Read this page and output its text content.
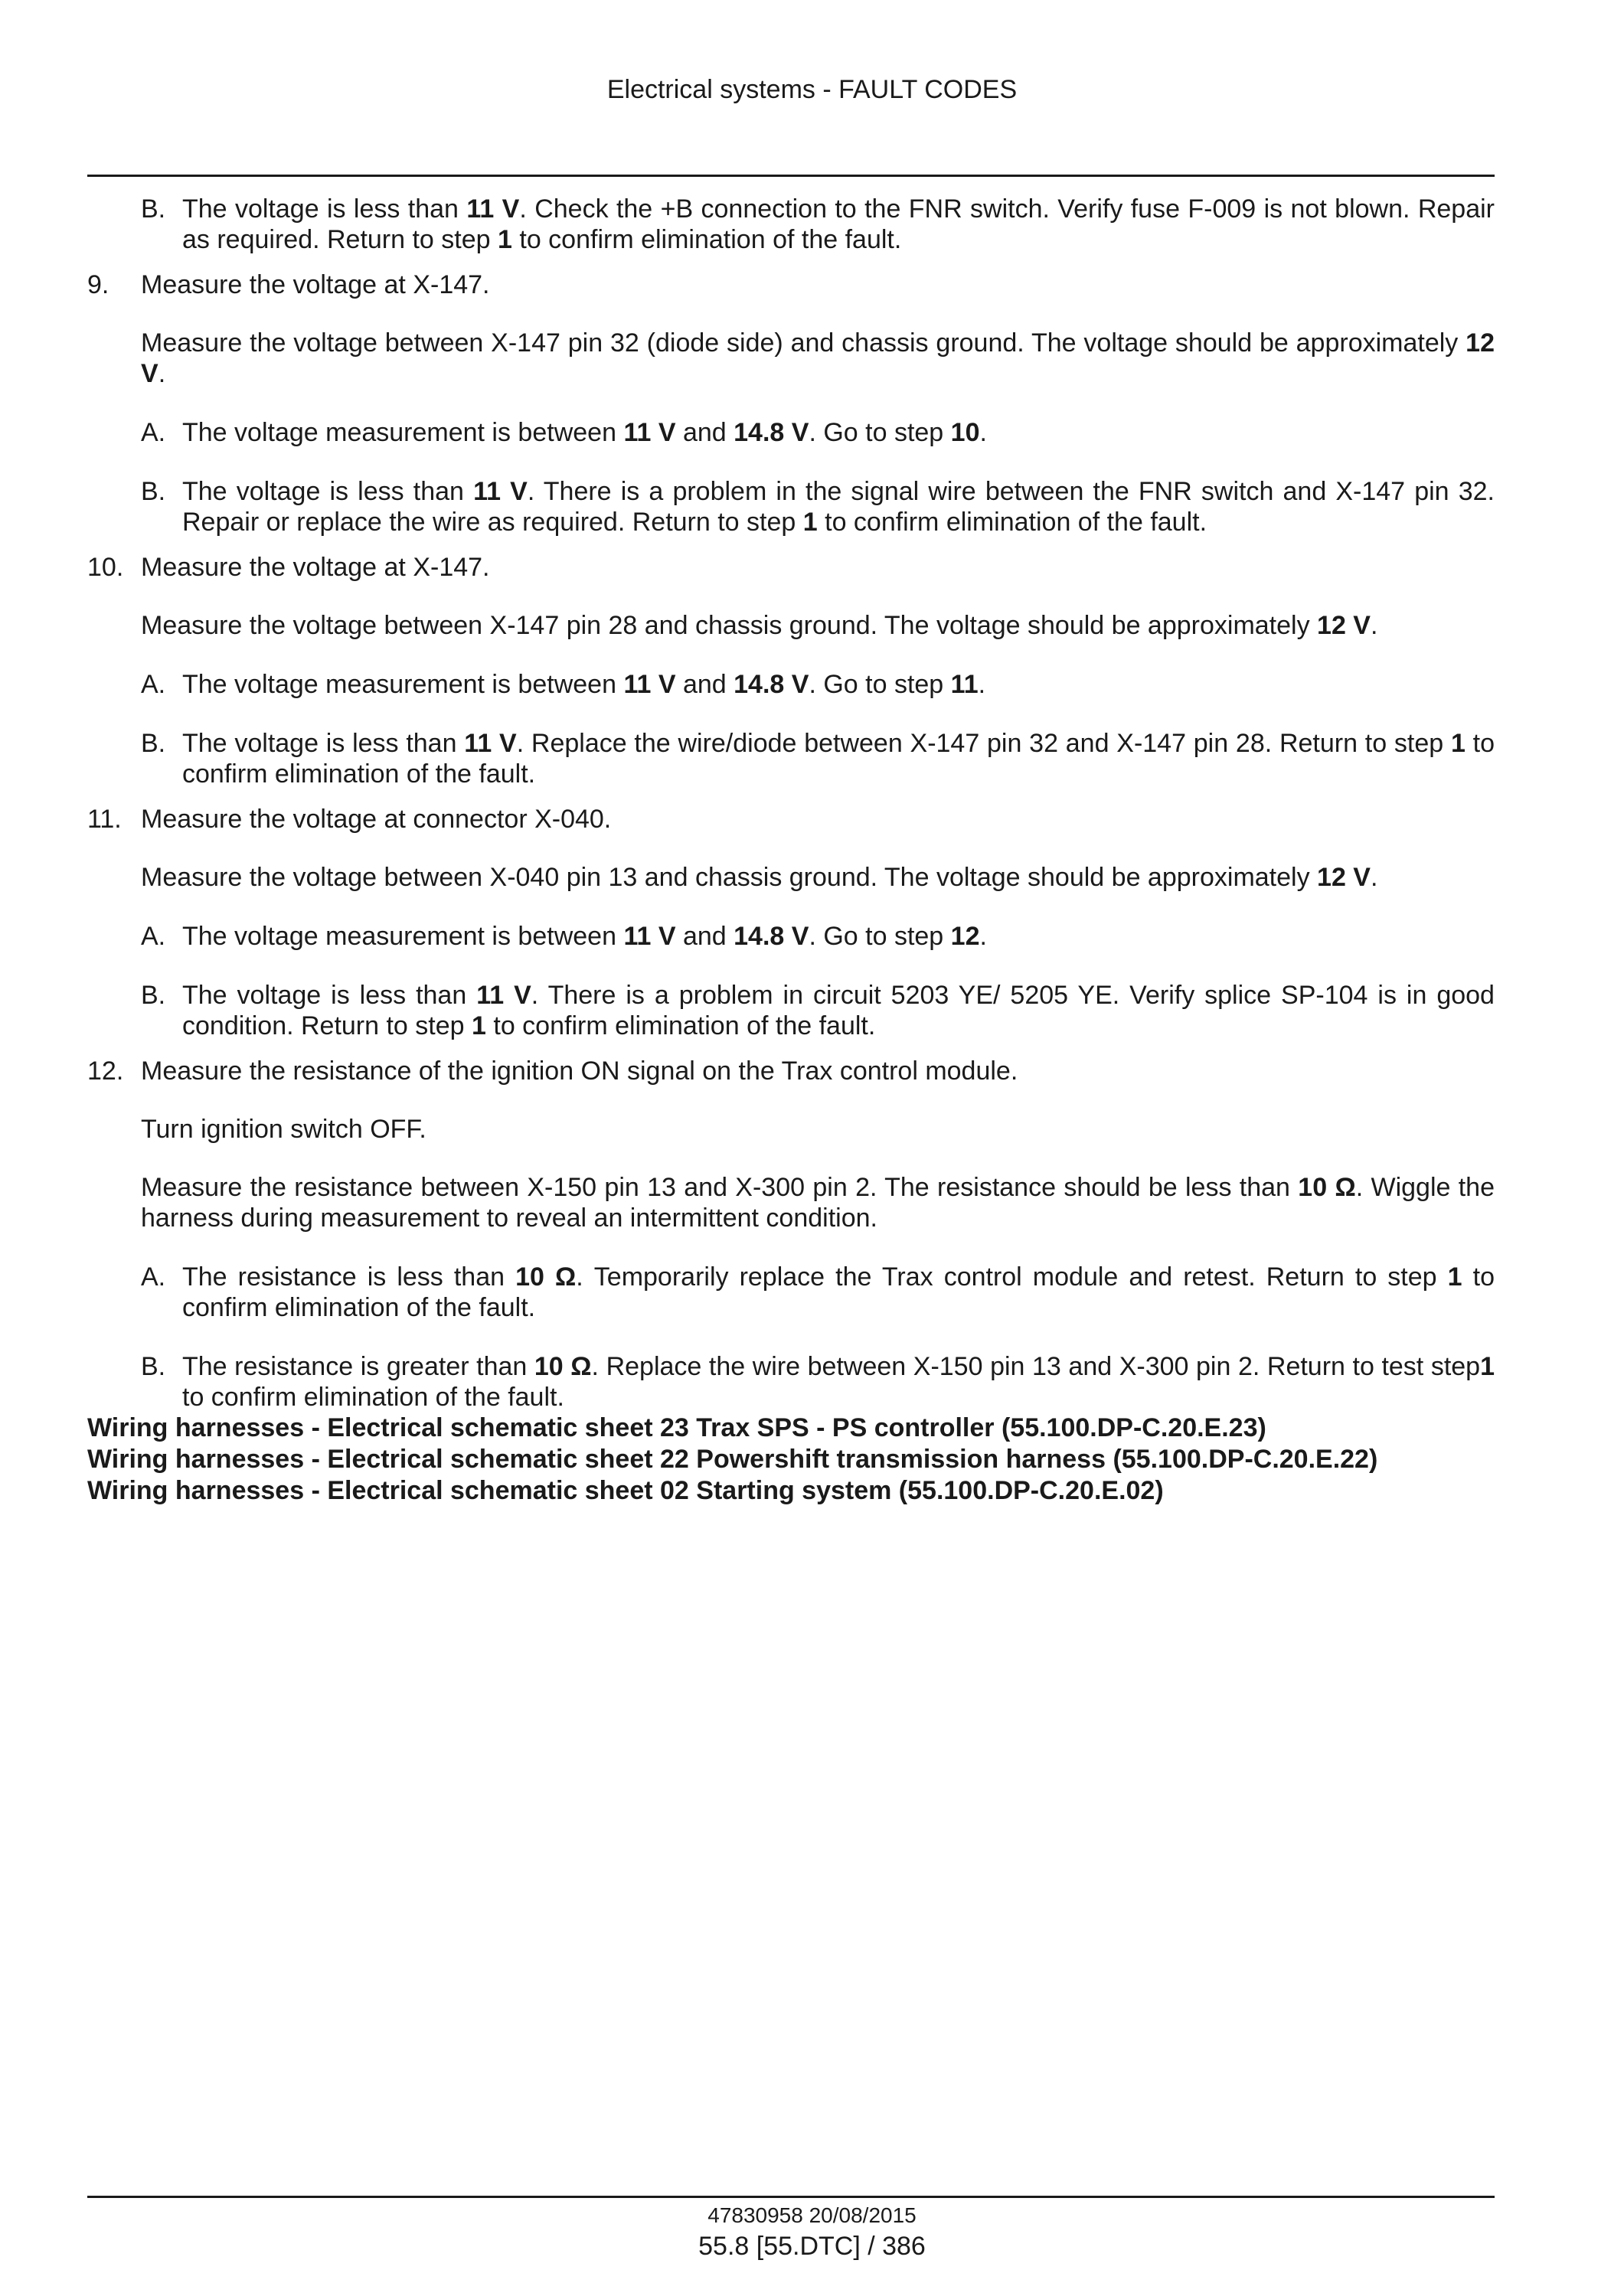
Electrical systems - FAULT CODES
B. The voltage is less than 11 V. Check the +B connection to the FNR switch. Verify fuse F-009 is not blown. Repair as required. Return to step 1 to confirm elimination of the fault.
9. Measure the voltage at X-147.
Measure the voltage between X-147 pin 32 (diode side) and chassis ground. The voltage should be approximately 12 V.
A. The voltage measurement is between 11 V and 14.8 V. Go to step 10.
B. The voltage is less than 11 V. There is a problem in the signal wire between the FNR switch and X-147 pin 32. Repair or replace the wire as required. Return to step 1 to confirm elimination of the fault.
10. Measure the voltage at X-147.
Measure the voltage between X-147 pin 28 and chassis ground. The voltage should be approximately 12 V.
A. The voltage measurement is between 11 V and 14.8 V. Go to step 11.
B. The voltage is less than 11 V. Replace the wire/diode between X-147 pin 32 and X-147 pin 28. Return to step 1 to confirm elimination of the fault.
11. Measure the voltage at connector X-040.
Measure the voltage between X-040 pin 13 and chassis ground. The voltage should be approximately 12 V.
A. The voltage measurement is between 11 V and 14.8 V. Go to step 12.
B. The voltage is less than 11 V. There is a problem in circuit 5203 YE/ 5205 YE. Verify splice SP-104 is in good condition. Return to step 1 to confirm elimination of the fault.
12. Measure the resistance of the ignition ON signal on the Trax control module.
Turn ignition switch OFF.
Measure the resistance between X-150 pin 13 and X-300 pin 2. The resistance should be less than 10 Ω. Wiggle the harness during measurement to reveal an intermittent condition.
A. The resistance is less than 10 Ω. Temporarily replace the Trax control module and retest. Return to step 1 to confirm elimination of the fault.
B. The resistance is greater than 10 Ω. Replace the wire between X-150 pin 13 and X-300 pin 2. Return to test step1 to confirm elimination of the fault.
Wiring harnesses - Electrical schematic sheet 23 Trax SPS - PS controller (55.100.DP-C.20.E.23)
Wiring harnesses - Electrical schematic sheet 22 Powershift transmission harness (55.100.DP-C.20.E.22)
Wiring harnesses - Electrical schematic sheet 02 Starting system (55.100.DP-C.20.E.02)
47830958 20/08/2015
55.8 [55.DTC] / 386
